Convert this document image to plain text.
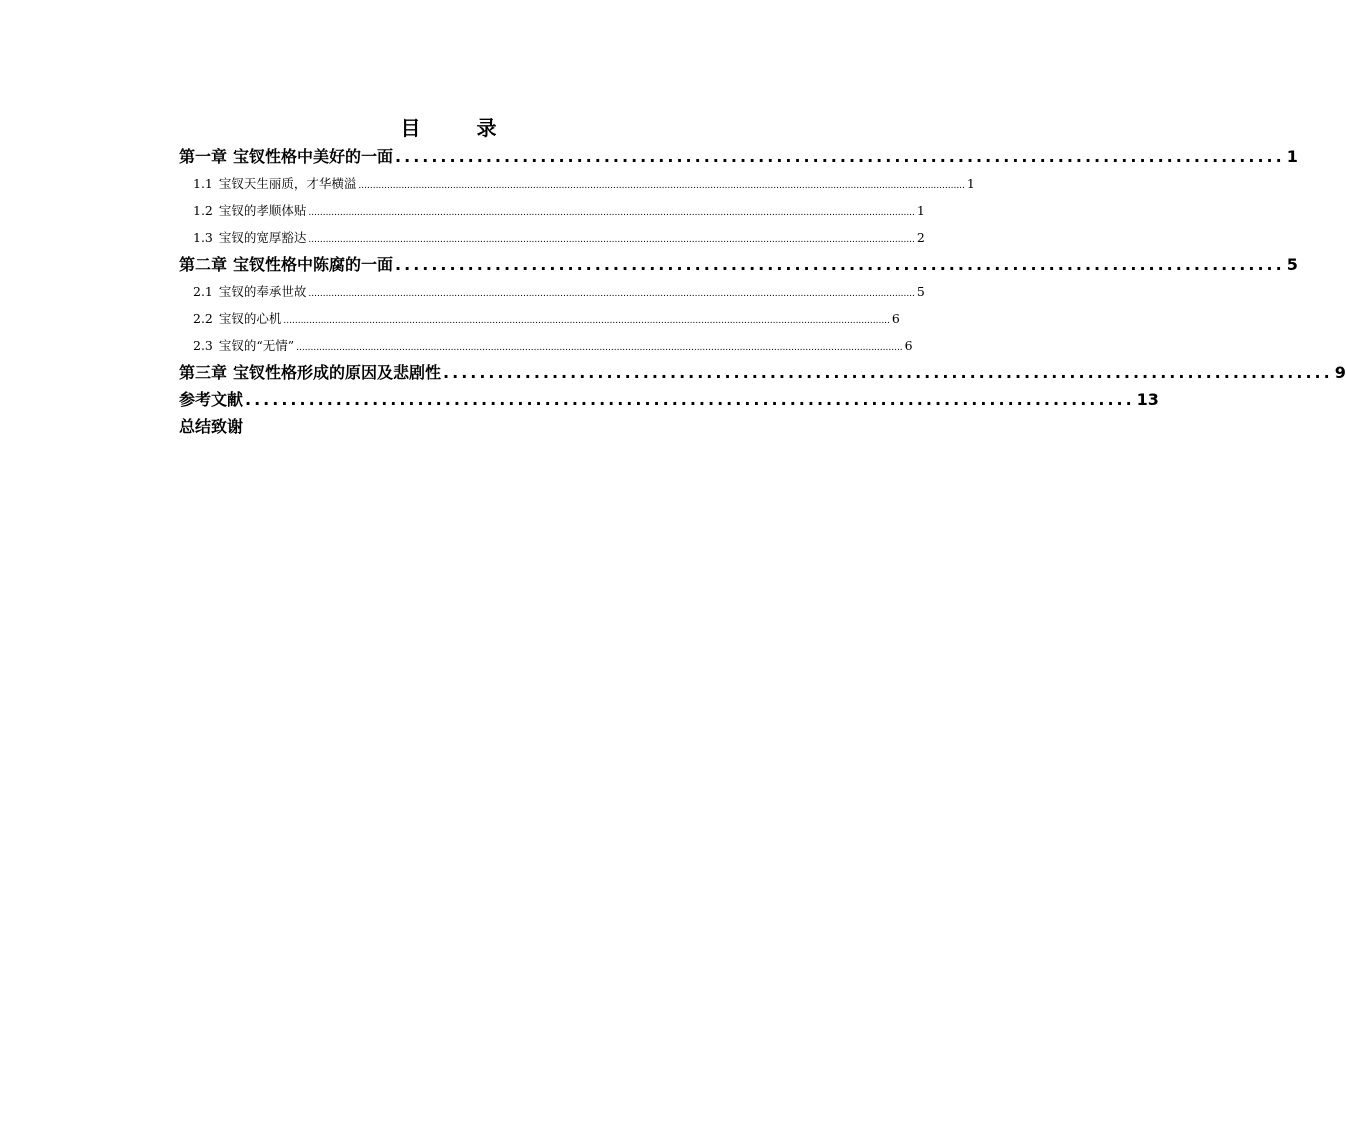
目　录
第一章 宝钗性格中美好的一面 .................................................................................................. 1
1.1 宝钗天生丽质，才华横溢 .................................................................................................................................................................................................................... 1
1.2 宝钗的孝顺体贴 .................................................................................................................................................................................................................... 1
1.3 宝钗的宽厚豁达 .................................................................................................................................................................................................................... 2
第二章 宝钗性格中陈腐的一面 .................................................................................................. 5
2.1 宝钗的奉承世故 .................................................................................................................................................................................................................... 5
2.2 宝钗的心机 .................................................................................................................................................................................................................... 6
2.3 宝钗的“无情” .................................................................................................................................................................................................................... 6
第三章 宝钗性格形成的原因及悲剧性 .................................................................................................. 9
参考文献 .................................................................................................. 13
总结致谢
